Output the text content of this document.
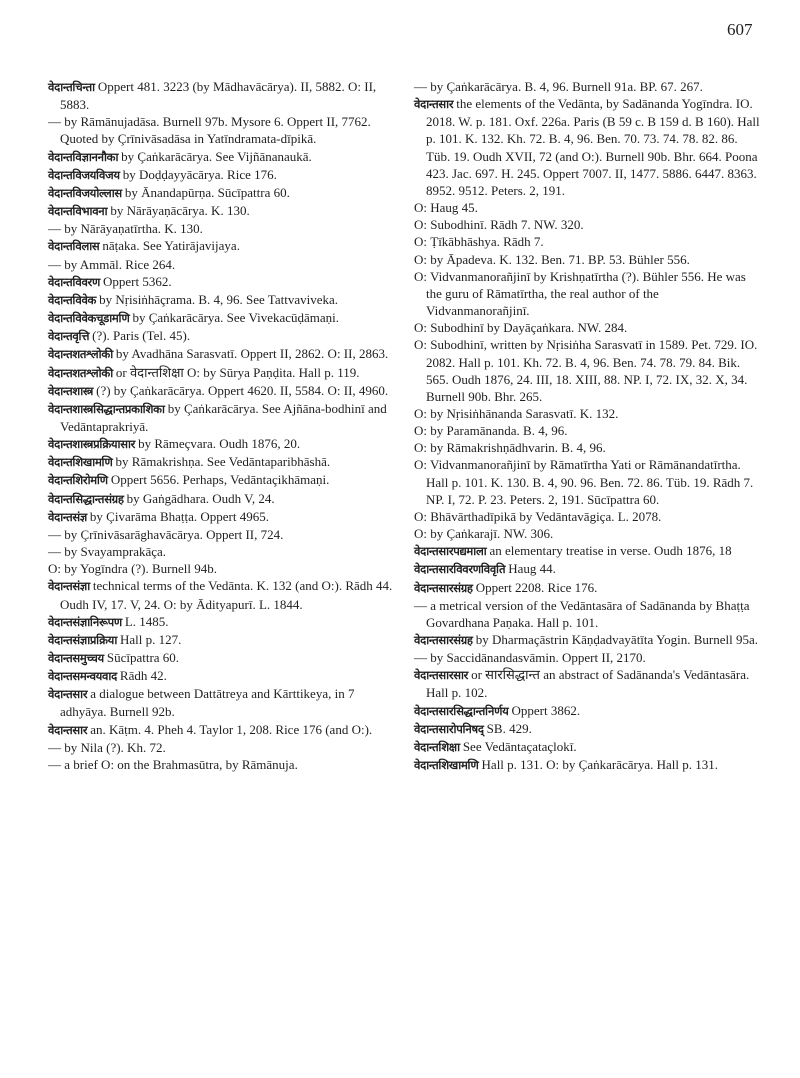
607

वेदान्तचिन्ता Oppert 481. 3223 (by Mādhavācārya). II, 5882. O: II, 5883.

— by Rāmānujadāsa. Burnell 97b. Mysore 6. Oppert II, 7762. Quoted by Çrīnivāsadāsa in Yatīndramata-dīpikā.

वेदान्तविज्ञाननौका by Çaṅkarācārya. See Vijñānanaukā.

वेदान्तविजयविजय by Doḍḍayyācārya. Rice 176.

वेदान्तविजयोल्लास by Ānandapūrṇa. Sūcīpattra 60.

वेदान्तविभावना by Nārāyaṇācārya. K. 130.

— by Nārāyaṇatīrtha. K. 130.

वेदान्तविलास nāṭaka. See Yatirājavijaya.

— by Ammāl. Rice 264.

वेदान्तविवरण Oppert 5362.

वेदान्तविवेक by Nṛisiṅhāçrama. B. 4, 96. See Tattvaviveka.

वेदान्तविवेकचूडामणि by Çaṅkarācārya. See Vivekacūḍāmaṇi.

वेदान्तवृत्ति (?). Paris (Tel. 45).

वेदान्तशतश्लोकी by Avadhāna Sarasvatī. Oppert II, 2862. O: II, 2863.

वेदान्तशतश्लोकी or वेदान्तशिक्षा O: by Sūrya Paṇḍita. Hall p. 119.

वेदान्तशास्त्र (?) by Çaṅkarācārya. Oppert 4620. II, 5584. O: II, 4960.

वेदान्तशास्त्रसिद्धान्तप्रकाशिका by Çaṅkarācārya. See Ajñāna-bodhinī and Vedāntaprakriyā.

वेदान्तशास्त्रप्रक्रियासार by Rāmeçvara. Oudh 1876, 20.

वेदान्तशिखामणि by Rāmakrishṇa. See Vedāntaparibhāshā.

वेदान्तशिरोमणि Oppert 5656. Perhaps, Vedāntaçikhāmaṇi.

वेदान्तसिद्धान्तसंग्रह by Gaṅgādhara. Oudh V, 24.

वेदान्तसंज्ञ by Çivarāma Bhaṭṭa. Oppert 4965.

— by Çrīnivāsarāghavācārya. Oppert II, 724.

— by Svayamprakāça.

O: by Yogīndra (?). Burnell 94b.

वेदान्तसंज्ञा technical terms of the Vedānta. K. 132 (and O:). Rādh 44. Oudh IV, 17. V, 24. O: by Ādityapurī. L. 1844.

वेदान्तसंज्ञानिरूपण L. 1485.

वेदान्तसंज्ञाप्रक्रिया Hall p. 127.

वेदान्तसमुच्चय Sūcīpattra 60.

वेदान्तसमन्वयवाद Rādh 42.

वेदान्तसार a dialogue between Dattātreya and Kārttikeya, in 7 adhyāya. Burnell 92b.

वेदान्तसार an. Kāṭm. 4. Pheh 4. Taylor 1, 208. Rice 176 (and O:).

— by Nila (?). Kh. 72.

— a brief O: on the Brahmasūtra, by Rāmānuja.

— by Çaṅkarācārya. B. 4, 96. Burnell 91a. BP. 67. 267.

वेदान्तसार the elements of the Vedānta, by Sadānanda Yogīndra. IO. 2018. W. p. 181. Oxf. 226a. Paris (B 59 c. B 159 d. B 160). Hall p. 101. K. 132. Kh. 72. B. 4, 96. Ben. 70. 73. 74. 78. 82. 86. Tüb. 19. Oudh XVII, 72 (and O:). Burnell 90b. Bhr. 664. Poona 423. Jac. 697. H. 245. Oppert 7007. II, 1477. 5886. 6447. 8363. 8952. 9512. Peters. 2, 191.

O: Haug 45.

O: Subodhinī. Rādh 7. NW. 320.

O: Ṭīkābhāshya. Rādh 7.

O: by Āpadeva. K. 132. Ben. 71. BP. 53. Bühler 556.

O: Vidvanmanorañjinī by Krishṇatīrtha (?). Bühler 556. He was the guru of Rāmatīrtha, the real author of the Vidvanmanorañjinī.

O: Subodhinī by Dayāçaṅkara. NW. 284.

O: Subodhinī, written by Nṛisiṅha Sarasvatī in 1589. Pet. 729. IO. 2082. Hall p. 101. Kh. 72. B. 4, 96. Ben. 74. 78. 79. 84. Bik. 565. Oudh 1876, 24. III, 18. XIII, 88. NP. I, 72. IX, 32. X, 34. Burnell 90b. Bhr. 265.

O: by Nṛisiṅhānanda Sarasvatī. K. 132.

O: by Paramānanda. B. 4, 96.

O: by Rāmakrishṇādhvarin. B. 4, 96.

O: Vidvanmanorañjinī by Rāmatīrtha Yati or Rāmānandatīrtha. Hall p. 101. K. 130. B. 4, 90. 96. Ben. 72. 86. Tüb. 19. Rādh 7. NP. I, 72. P. 23. Peters. 2, 191. Sūcīpattra 60.

O: Bhāvārthadīpikā by Vedāntavāgiça. L. 2078.

O: by Çaṅkarajī. NW. 306.

वेदान्तसारपद्यमाला an elementary treatise in verse. Oudh 1876, 18

वेदान्तसारविवरणविवृति Haug 44.

वेदान्तसारसंग्रह Oppert 2208. Rice 176.

— a metrical version of the Vedāntasāra of Sadānanda by Bhaṭṭa Govardhana Paṇaka. Hall p. 101.

वेदान्तसारसंग्रह by Dharmaçāstrin Kāṇḍadvayātīta Yogin. Burnell 95a.

— by Saccidānandasvāmin. Oppert II, 2170.

वेदान्तसारसार or सारसिद्धान्त an abstract of Sadānanda's Vedāntasāra. Hall p. 102.

वेदान्तसारसिद्धान्तनिर्णय Oppert 3862.

वेदान्तसारोपनिषद् SB. 429.

वेदान्तशिक्षा See Vedāntaçataçlokī.

वेदान्तशिखामणि Hall p. 131. O: by Çaṅkarācārya. Hall p. 131.
